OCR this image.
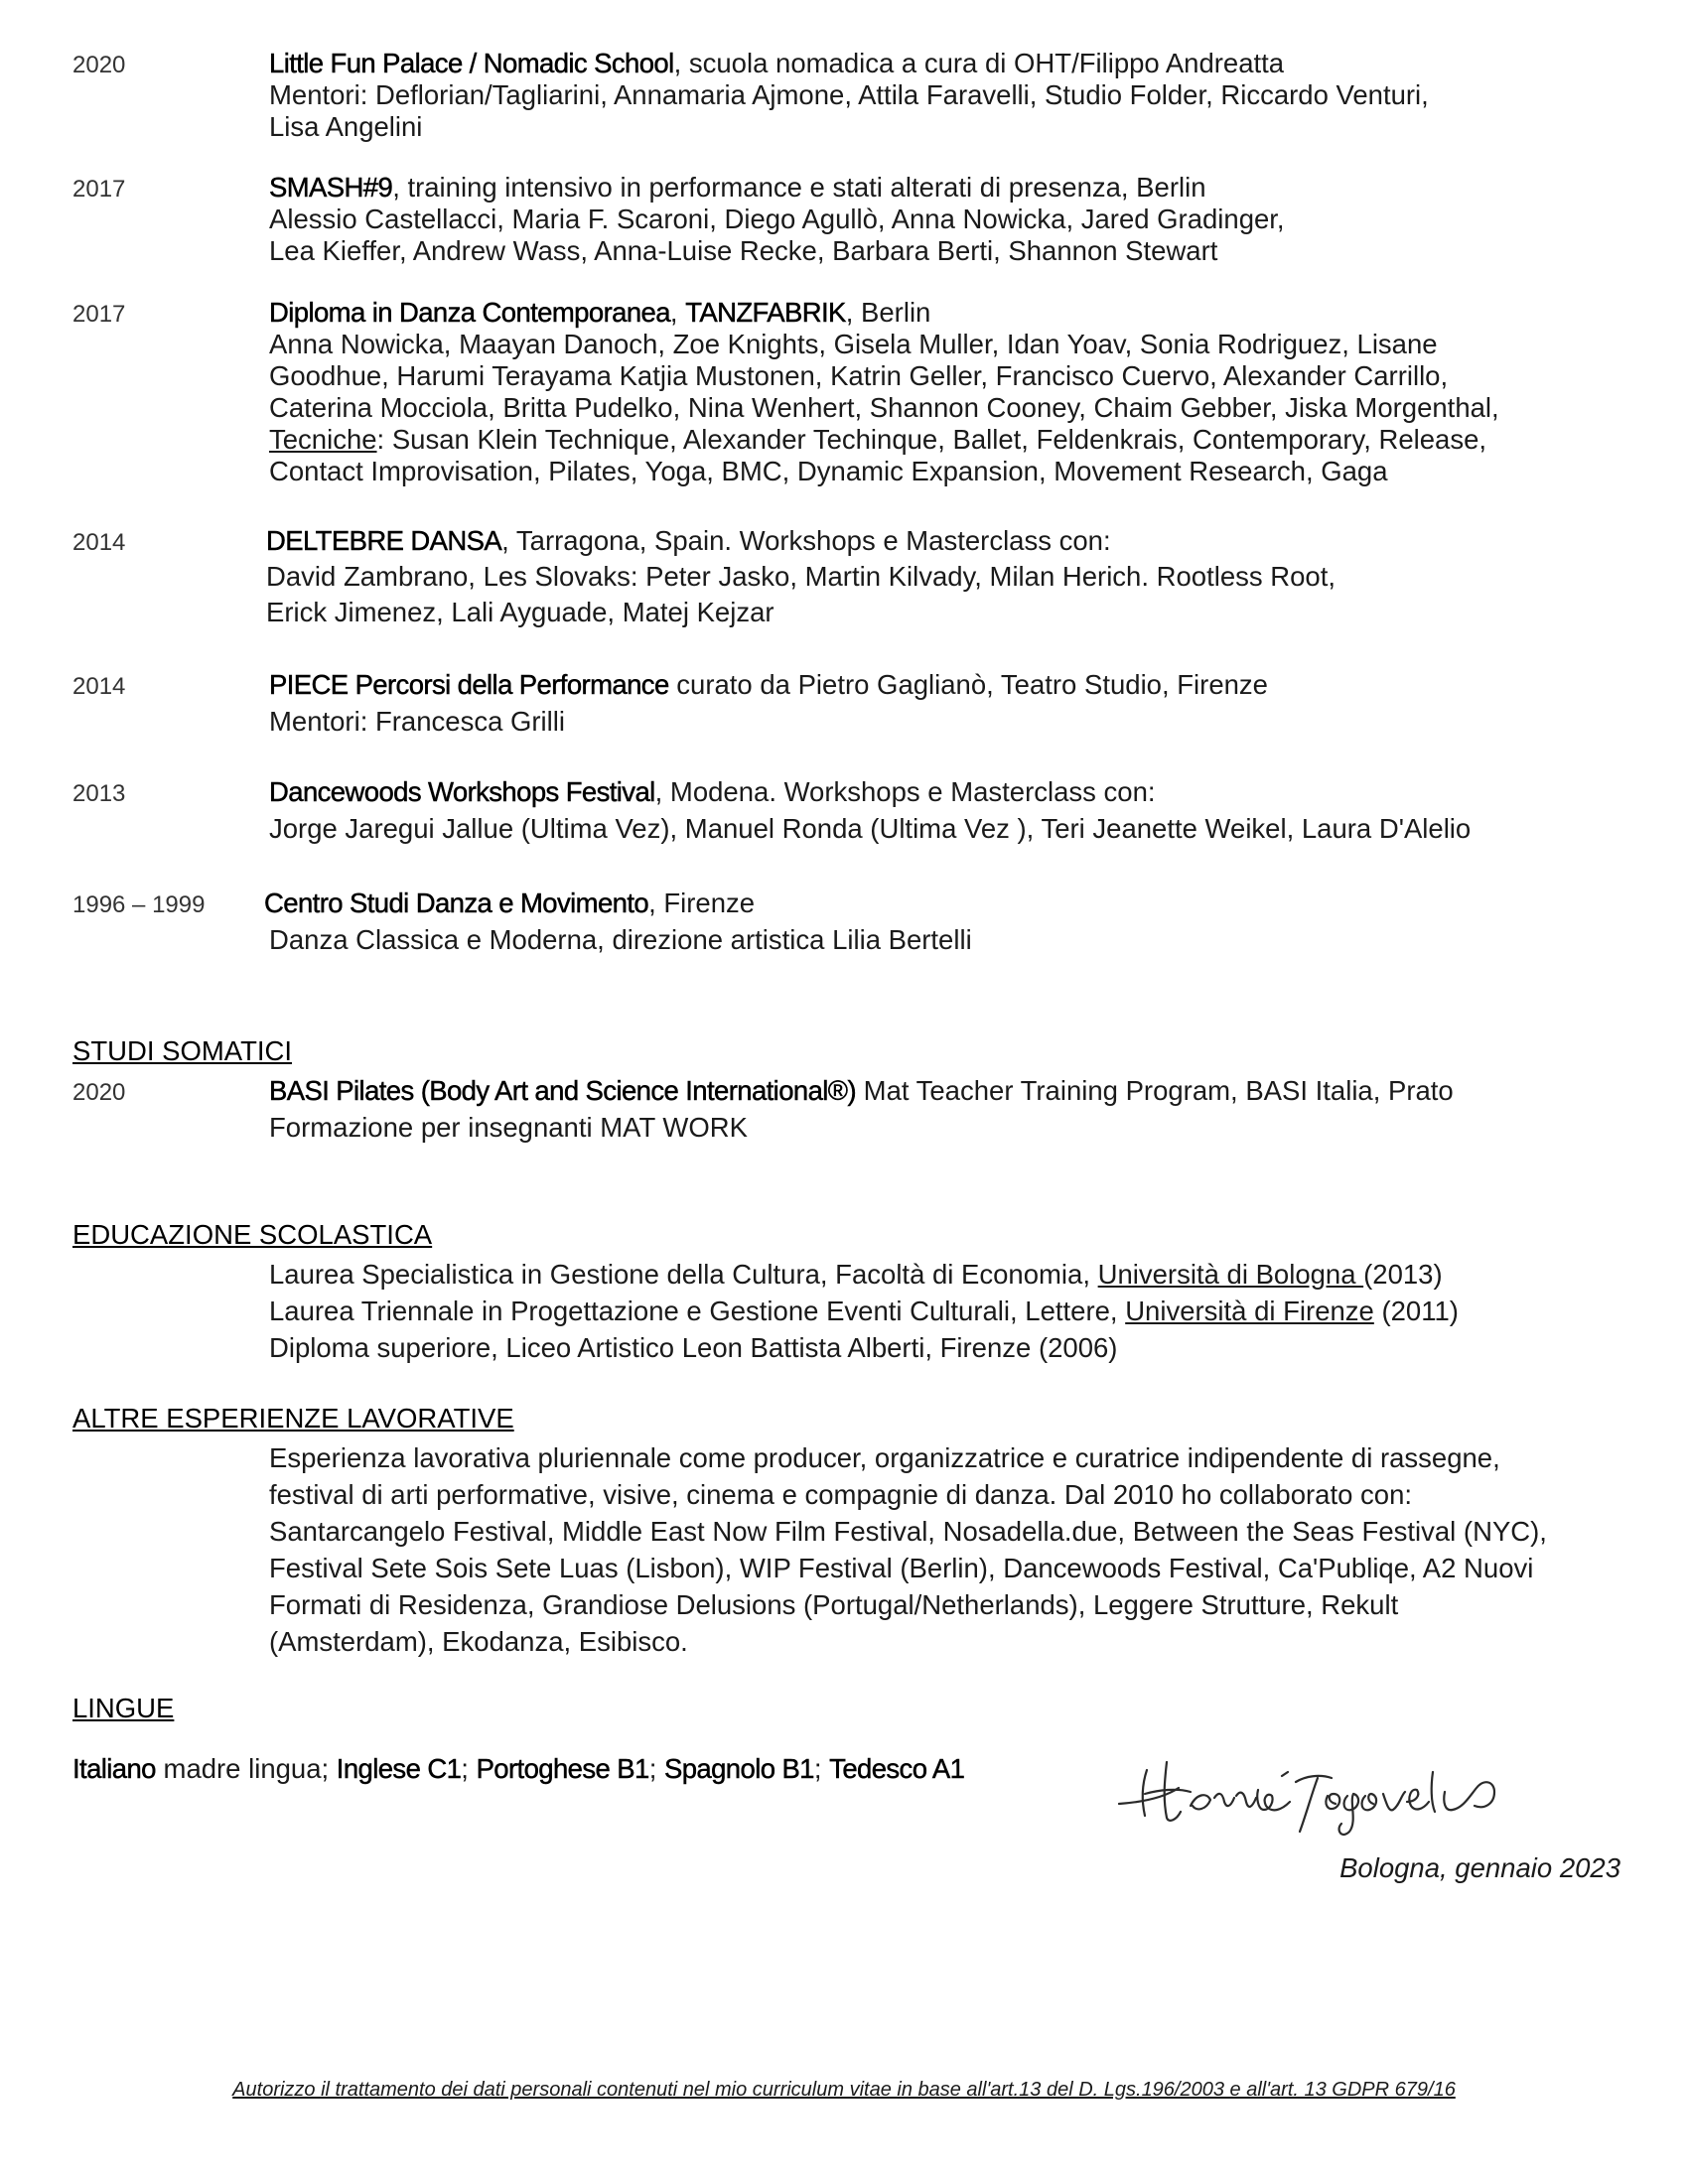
2020	Little Fun Palace / Nomadic School, scuola nomadica a cura di OHT/Filippo Andreatta
Mentori: Deflorian/Tagliarini, Annamaria Ajmone, Attila Faravelli, Studio Folder, Riccardo Venturi,
Lisa Angelini
2017	SMASH#9, training intensivo in performance e stati alterati di presenza, Berlin
Alessio Castellacci, Maria F. Scaroni, Diego Agullò, Anna Nowicka, Jared Gradinger,
Lea Kieffer, Andrew Wass, Anna-Luise Recke, Barbara Berti, Shannon Stewart
2017	Diploma in Danza Contemporanea, TANZFABRIK, Berlin
Anna Nowicka, Maayan Danoch, Zoe Knights, Gisela Muller, Idan Yoav, Sonia Rodriguez, Lisane
Goodhue, Harumi Terayama Katjia Mustonen, Katrin Geller, Francisco Cuervo, Alexander Carrillo,
Caterina Mocciola, Britta Pudelko, Nina Wenhert, Shannon Cooney, Chaim Gebber, Jiska Morgenthal,
Tecniche: Susan Klein Technique, Alexander Techinque, Ballet, Feldenkrais, Contemporary, Release,
Contact Improvisation, Pilates, Yoga, BMC, Dynamic Expansion, Movement Research, Gaga
2014	DELTEBRE DANSA, Tarragona, Spain. Workshops e Masterclass con:
David Zambrano, Les Slovaks: Peter Jasko, Martin Kilvady, Milan Herich. Rootless Root,
Erick Jimenez, Lali Ayguade, Matej Kejzar
2014	PIECE Percorsi della Performance curato da Pietro Gaglianò, Teatro Studio, Firenze
Mentori: Francesca Grilli
2013	Dancewoods Workshops Festival, Modena. Workshops e Masterclass con:
Jorge Jaregui Jallue (Ultima Vez), Manuel Ronda (Ultima Vez ), Teri Jeanette Weikel, Laura D'Alelio
1996 – 1999 Centro Studi Danza e Movimento, Firenze
Danza Classica e Moderna, direzione artistica Lilia Bertelli
STUDI SOMATICI
2020	BASI Pilates (Body Art and Science International®) Mat Teacher Training Program, BASI Italia, Prato
Formazione per insegnanti MAT WORK
EDUCAZIONE SCOLASTICA
Laurea Specialistica in Gestione della Cultura, Facoltà di Economia, Università di Bologna (2013)
Laurea Triennale in Progettazione e Gestione Eventi Culturali, Lettere, Università di Firenze (2011)
Diploma superiore, Liceo Artistico Leon Battista Alberti, Firenze (2006)
ALTRE ESPERIENZE LAVORATIVE
Esperienza lavorativa pluriennale come producer, organizzatrice e curatrice indipendente di rassegne,
festival di arti performative, visive, cinema e compagnie di danza. Dal 2010 ho collaborato con:
Santarcangelo Festival, Middle East Now Film Festival, Nosadella.due, Between the Seas Festival (NYC),
Festival Sete Sois Sete Luas (Lisbon), WIP Festival (Berlin), Dancewoods Festival, Ca'Publiqe, A2 Nuovi
Formati di Residenza, Grandiose Delusions (Portugal/Netherlands), Leggere Strutture, Rekult
(Amsterdam), Ekodanza, Esibisco.
LINGUE
Italiano madre lingua; Inglese C1; Portoghese B1; Spagnolo B1; Tedesco A1
Bologna, gennaio 2023
Autorizzo il trattamento dei dati personali contenuti nel mio curriculum vitae in base all'art.13 del D. Lgs.196/2003 e all'art. 13 GDPR 679/16
